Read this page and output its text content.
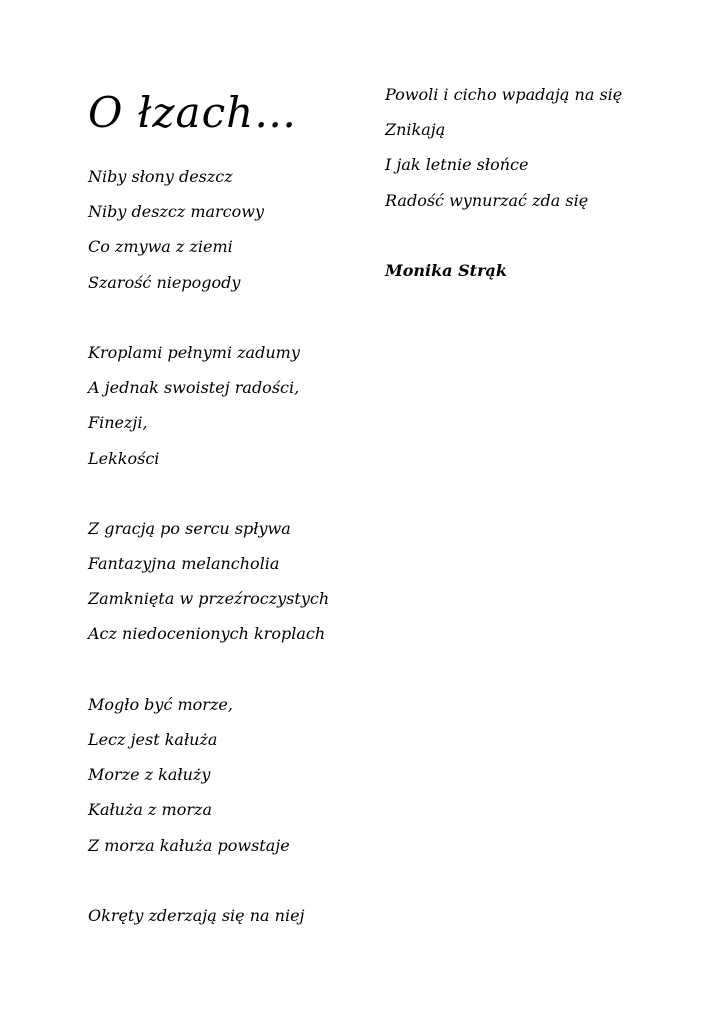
O łzach…
Niby słony deszcz
Niby deszcz marcowy
Co zmywa z ziemi
Szarość niepogody
Kroplami pełnymi zadumy
A jednak swoistej radości,
Finezji,
Lekkości
Z gracją po sercu spływa
Fantazyjna melancholia
Zamknięta w przeźroczystych
Acz niedocenionych kroplach
Mogło być morze,
Lecz jest kałuża
Morze z kałuży
Kałuża z morza
Z morza kałuża powstaje
Okręty zderzają się na niej
Powoli i cicho wpadają na się
Znikają
I jak letnie słońce
Radość wynurzać zda się
Monika Strąk
